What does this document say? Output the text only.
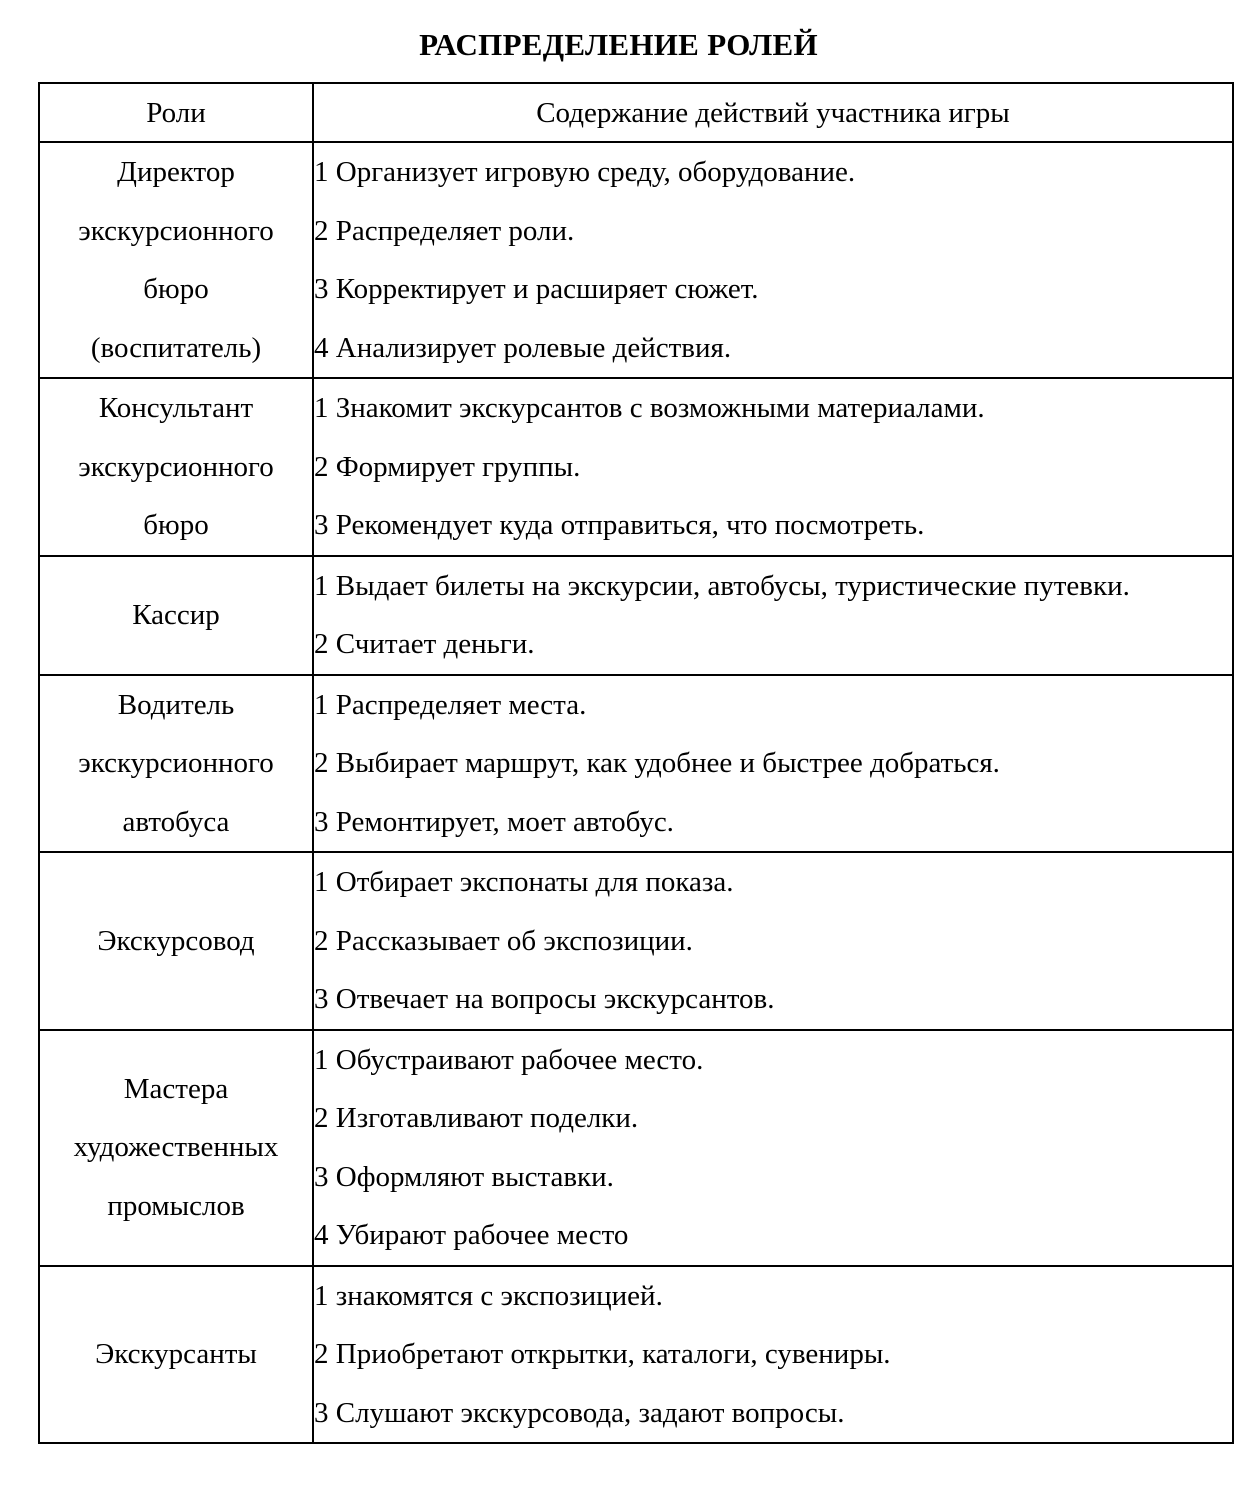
РАСПРЕДЕЛЕНИЕ РОЛЕЙ
Роли	Содержание действий участника игры

Директор
экскурсионного
бюро
(воспитатель)	1 Организует игровую среду, оборудование.
2 Распределяет роли.
3 Корректирует и расширяет сюжет.
4 Анализирует ролевые действия.

Консультант
экскурсионного
бюро	1 Знакомит экскурсантов с возможными материалами.
2 Формирует группы.
3 Рекомендует куда отправиться, что посмотреть.

Кассир	1 Выдает билеты на экскурсии, автобусы, туристические путевки.
2 Считает деньги.

Водитель
экскурсионного
автобуса	1 Распределяет места.
2 Выбирает маршрут, как удобнее и быстрее добраться.
3 Ремонтирует, моет автобус.

Экскурсовод	1 Отбирает экспонаты для показа.
2 Рассказывает об экспозиции.
3 Отвечает на вопросы экскурсантов.

Мастера
художественных
промыслов	1 Обустраивают рабочее место.
2 Изготавливают поделки.
3 Оформляют выставки.
4 Убирают рабочее место

Экскурсанты	1 знакомятся с экспозицией.
2 Приобретают открытки, каталоги, сувениры.
3 Слушают экскурсовода, задают вопросы.
